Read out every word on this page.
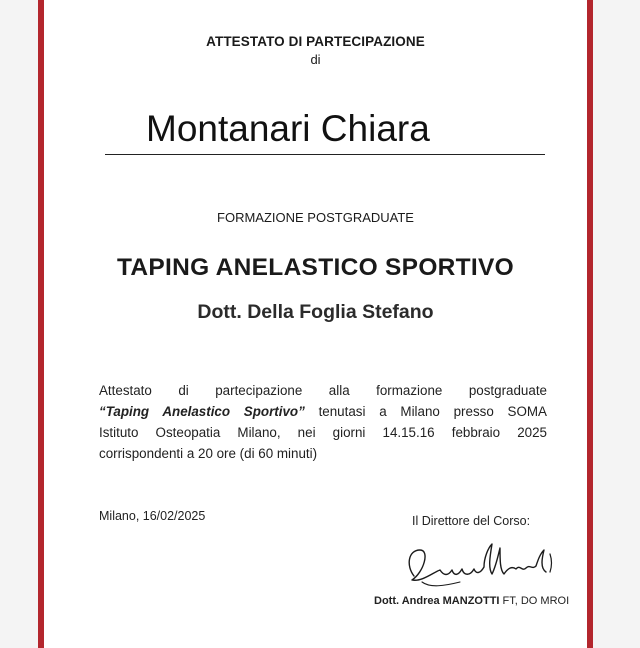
ATTESTATO DI PARTECIPAZIONE
di
Montanari Chiara
FORMAZIONE POSTGRADUATE
TAPING ANELASTICO SPORTIVO
Dott. Della Foglia Stefano
Attestato di partecipazione alla formazione postgraduate
“Taping Anelastico Sportivo” tenutasi a Milano presso SOMA
Istituto Osteopatia Milano, nei giorni 14.15.16 febbraio 2025
corrispondenti a 20 ore (di 60 minuti)
Milano, 16/02/2025	Il Direttore del Corso:
Dott. Andrea MANZOTTI FT, DO MROI
